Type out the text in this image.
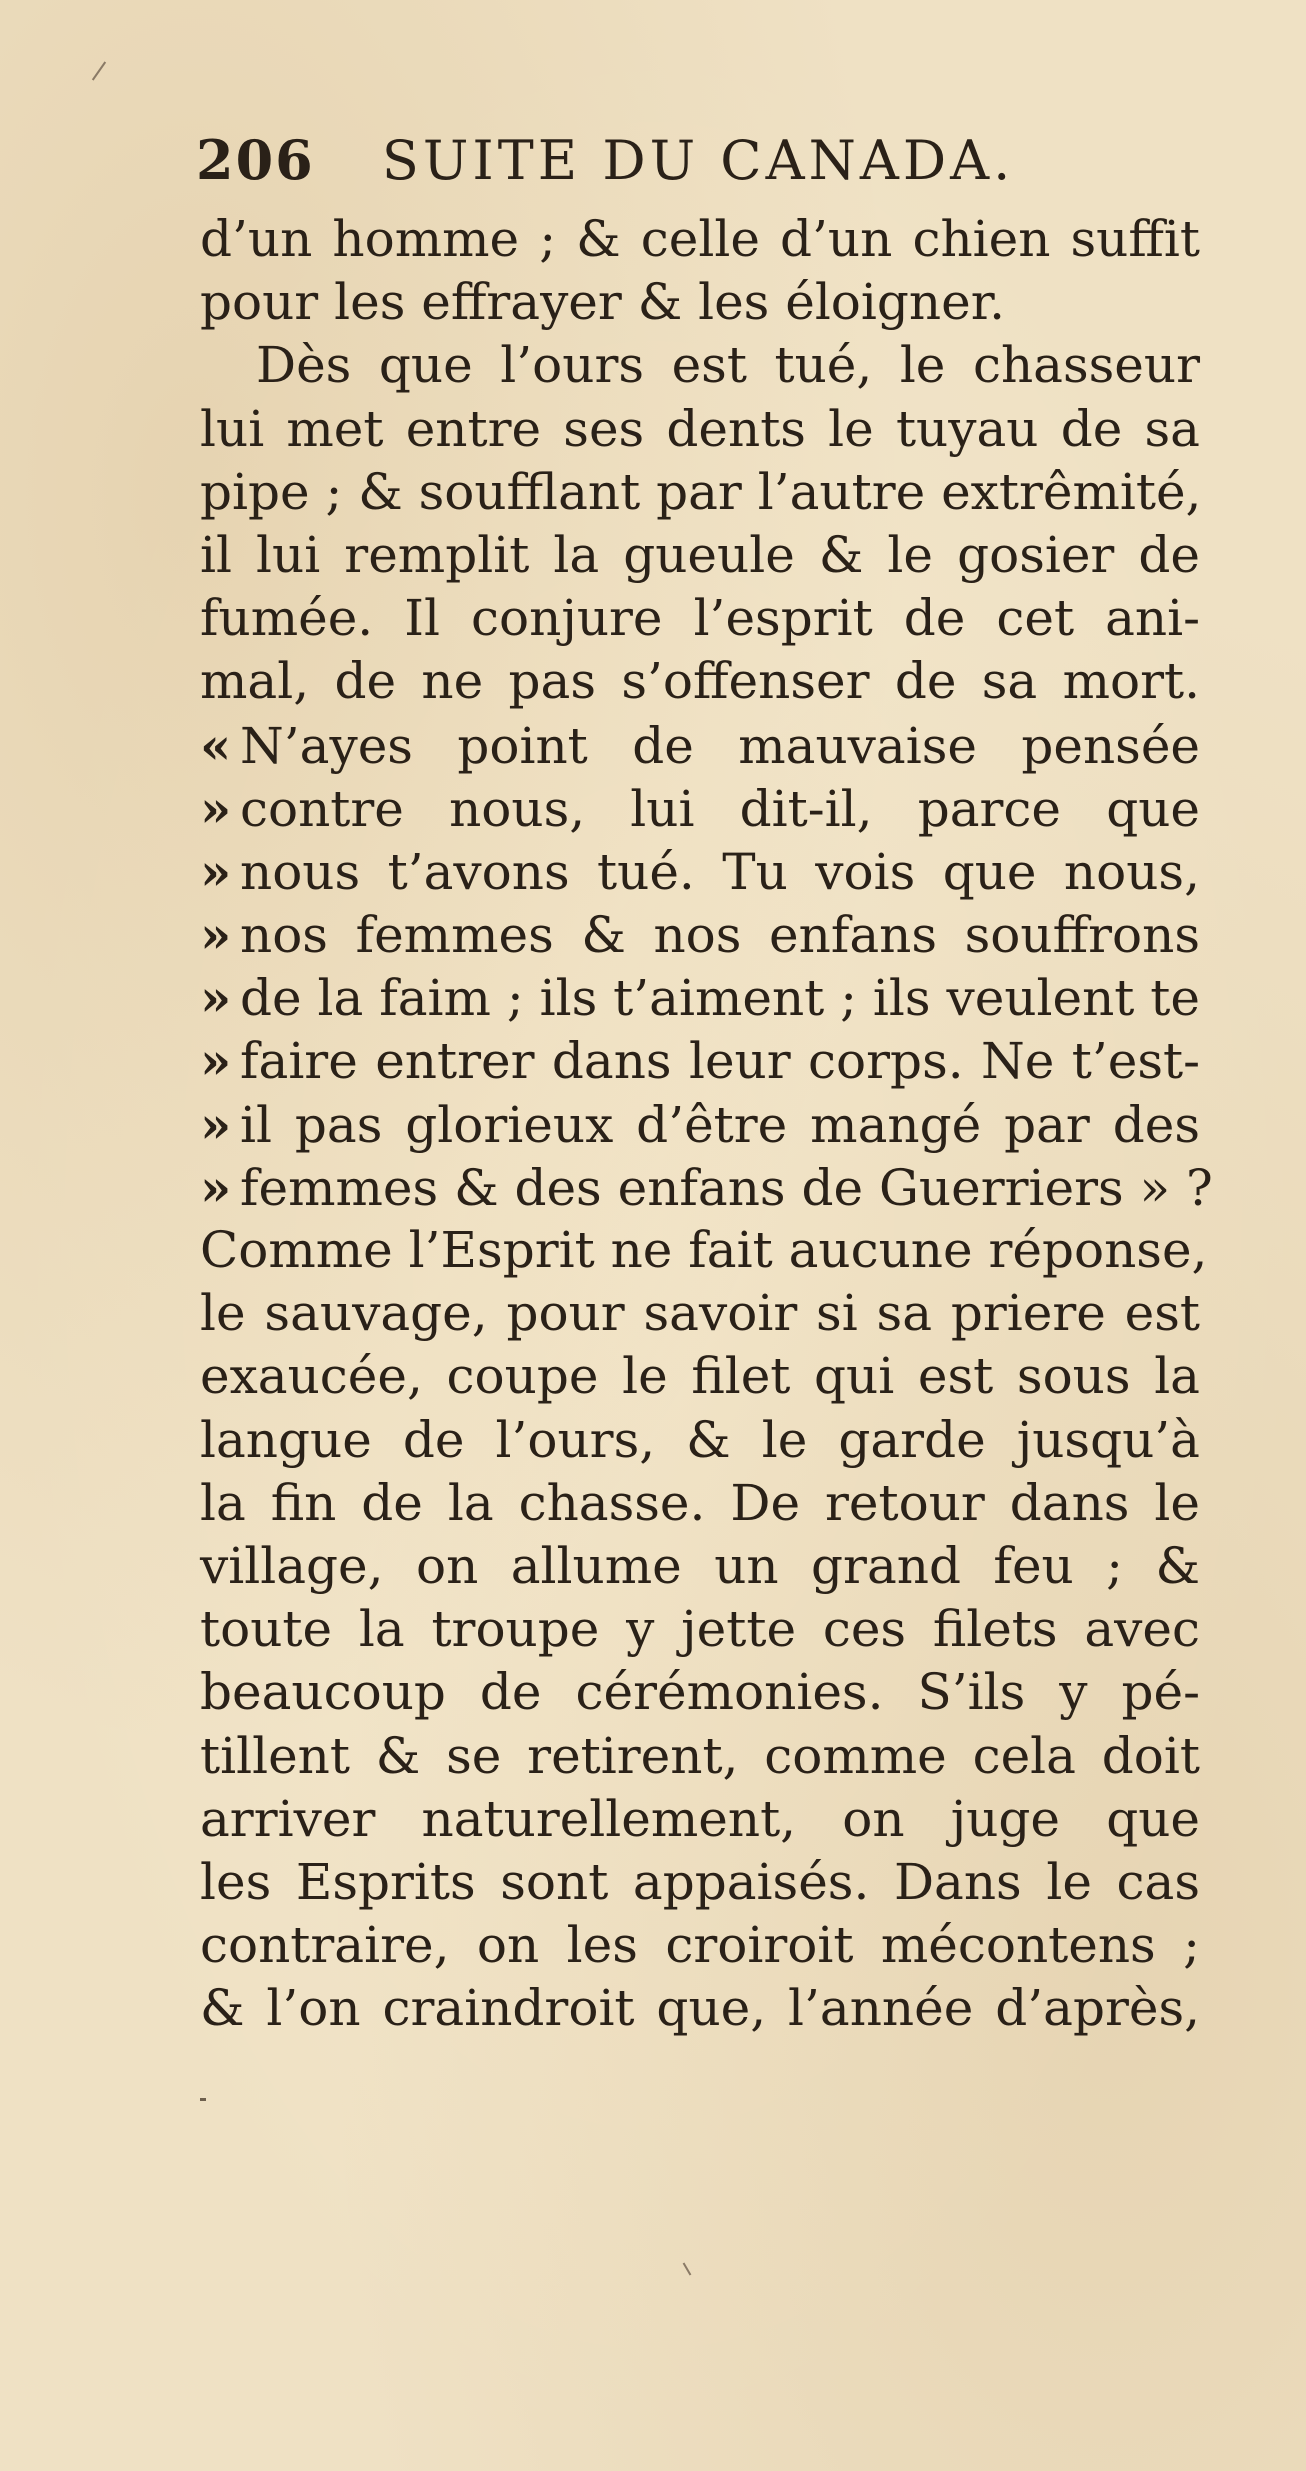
206 SUITE DU CANADA.
d’un homme ; & celle d’un chien suffit
pour les effrayer & les éloigner.
Dès que l’ours est tué, le chasseur
lui met entre ses dents le tuyau de sa
pipe ; & soufflant par l’autre extrêmité,
il lui remplit la gueule & le gosier de
fumée. Il conjure l’esprit de cet ani-
mal, de ne pas s’offenser de sa mort.
« N’ayes point de mauvaise pensée
» contre nous, lui dit-il, parce que
» nous t’avons tué. Tu vois que nous,
» nos femmes & nos enfans souffrons
» de la faim ; ils t’aiment ; ils veulent te
» faire entrer dans leur corps. Ne t’est-
» il pas glorieux d’être mangé par des
» femmes & des enfans de Guerriers » ?
Comme l’Esprit ne fait aucune réponse,
le sauvage, pour savoir si sa priere est
exaucée, coupe le filet qui est sous la
langue de l’ours, & le garde jusqu’à
la fin de la chasse. De retour dans le
village, on allume un grand feu ; &
toute la troupe y jette ces filets avec
beaucoup de cérémonies. S’ils y pé-
tillent & se retirent, comme cela doit
arriver naturellement, on juge que
les Esprits sont appaisés. Dans le cas
contraire, on les croiroit mécontens ;
& l’on craindroit que, l’année d’après,
